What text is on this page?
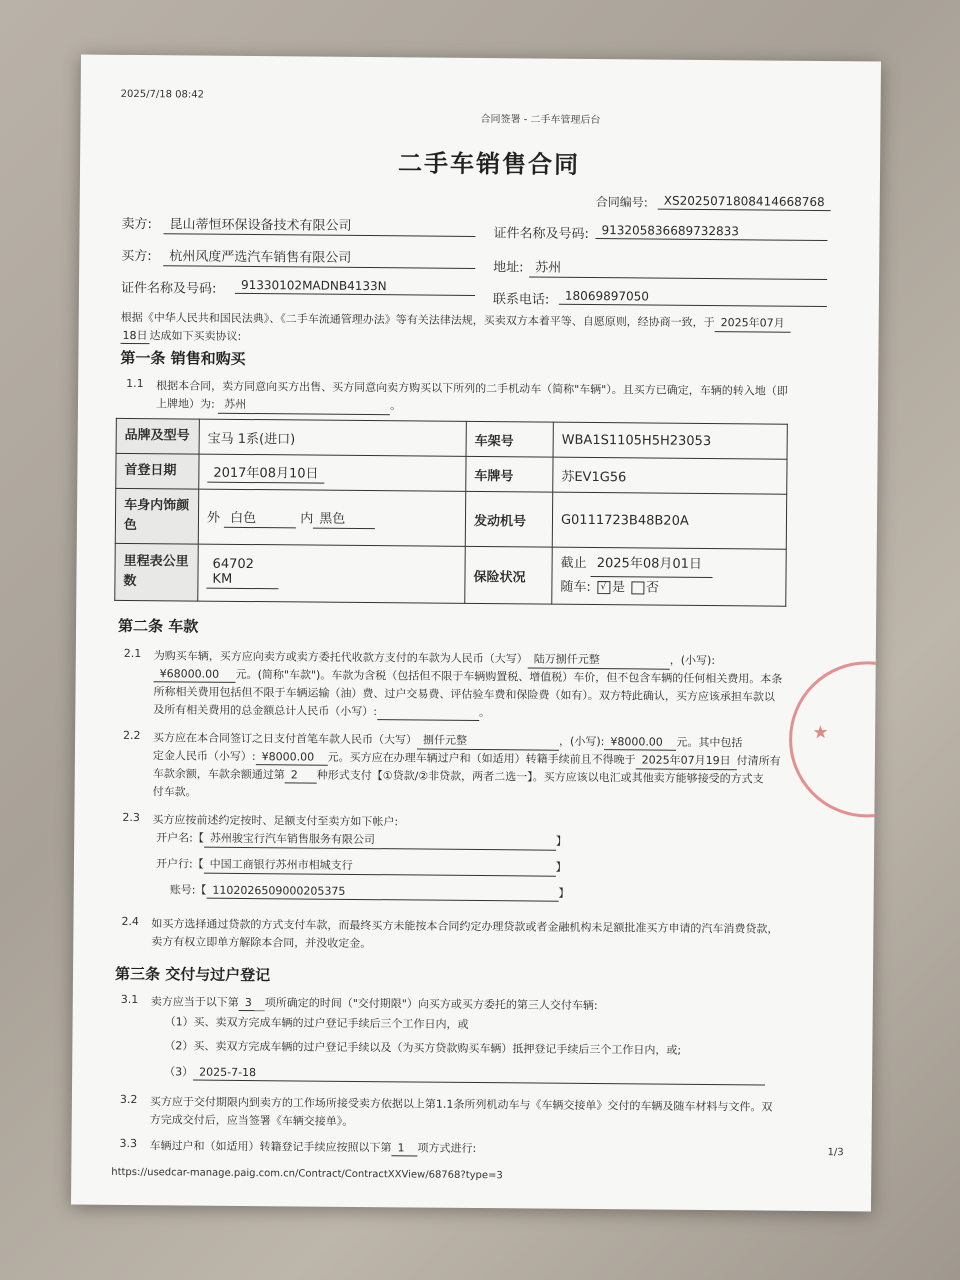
2025/7/18 08:42
合同签署 - 二手车管理后台
二手车销售合同
合同编号:	XS20250718084146687​68
卖方:	昆山蒂恒环保设备技术有限公司
证件名称及号码:	913205836689732833
买方:	杭州风度严选汽车销售有限公司
地址: 苏州
证件名称及号码:	91330102MADNB4133N
联系电话:	18069897050
根据《中华人民共和国民法典》、《二手车流通管理办法》等有关法律法规，买卖双方本着平等、自愿原则，经协商一致，于 2025年07月
18日 达成如下买卖协议:
第一条 销售和购买
1.1 根据本合同，卖方同意向买方出售、买方同意向卖方购买以下所列的二手机动车（简称"车辆"）。且买方已确定，车辆的转入地（即
上牌地）为: 苏州	。
品牌及型号	宝马 1系(进口)	车架号	WBA1S1105H5H23053
首登日期	2017年08月10日	车牌号	苏EV1G56
车身内饰颜色	外 白色 内 黑色	发动机号	G0111723B48B20A
里程表公里数	64702 KM	保险状况	截止 2025年08月01日
随车: √ 是 否
第二条 车款
2.1 为购买车辆，买方应向卖方或卖方委托代收款方支付的车款为人民币（大写） 陆万捌仟元整	，(小写):
¥68000.00 元。(简称"车款")。车款为含税（包括但不限于车辆购置税、增值税）车价，但不包含车辆的任何相关费用。本条
所称相关费用包括但不限于车辆运输（油）费、过户交易费、评估验车费和保险费（如有）。双方特此确认，买方应该承担车款以
及所有相关费用的总金额总计人民币（小写）:	。
2.2 买方应在本合同签订之日支付首笔车款人民币（大写） 捌仟元整	，(小写): ¥8000.00 元。其中包括
定金人民币（小写）: ¥8000.00 元。买方应在办理车辆过户和（如适用）转籍手续前且不得晚于 2025年07月19日 付清所有
车款余额，车款余额通过第 2 种形式支付【①贷款/②非贷款，两者二选一】。买方应该以电汇或其他卖方能够接受的方式支
付车款。
2.3 买方应按前述约定按时、足额支付至卖方如下帐户:
开户名:【 苏州骏宝行汽车销售服务有限公司	】
开户行:【 中国工商银行苏州市相城支行	】
账号:【 1102026509000205375	】
2.4 如买方选择通过贷款的方式支付车款，而最终买方未能按本合同约定办理贷款或者金融机构未足额批准买方申请的汽车消费贷款，
卖方有权立即单方解除本合同，并没收定金。
第三条 交付与过户登记
3.1 卖方应当于以下第 3 项所确定的时间（"交付期限"）向买方或买方委托的第三人交付车辆:
（1）买、卖双方完成车辆的过户登记手续后三个工作日内，或
（2）买、卖双方完成车辆的过户登记手续以及（为买方贷款购买车辆）抵押登记手续后三个工作日内，或;
（3） 2025-7-18
3.2 买方应于交付期限内到卖方的工作场所接受卖方依据以上第1.1条所列机动车与《车辆交接单》交付的车辆及随车材料与文件。双
方完成交付后，应当签署《车辆交接单》。
3.3 车辆过户和（如适用）转籍登记手续应按照以下第 1 项方式进行:
https://usedcar-manage.paig.com.cn/Contract/ContractXXView/68768?type=3
1/3
★
